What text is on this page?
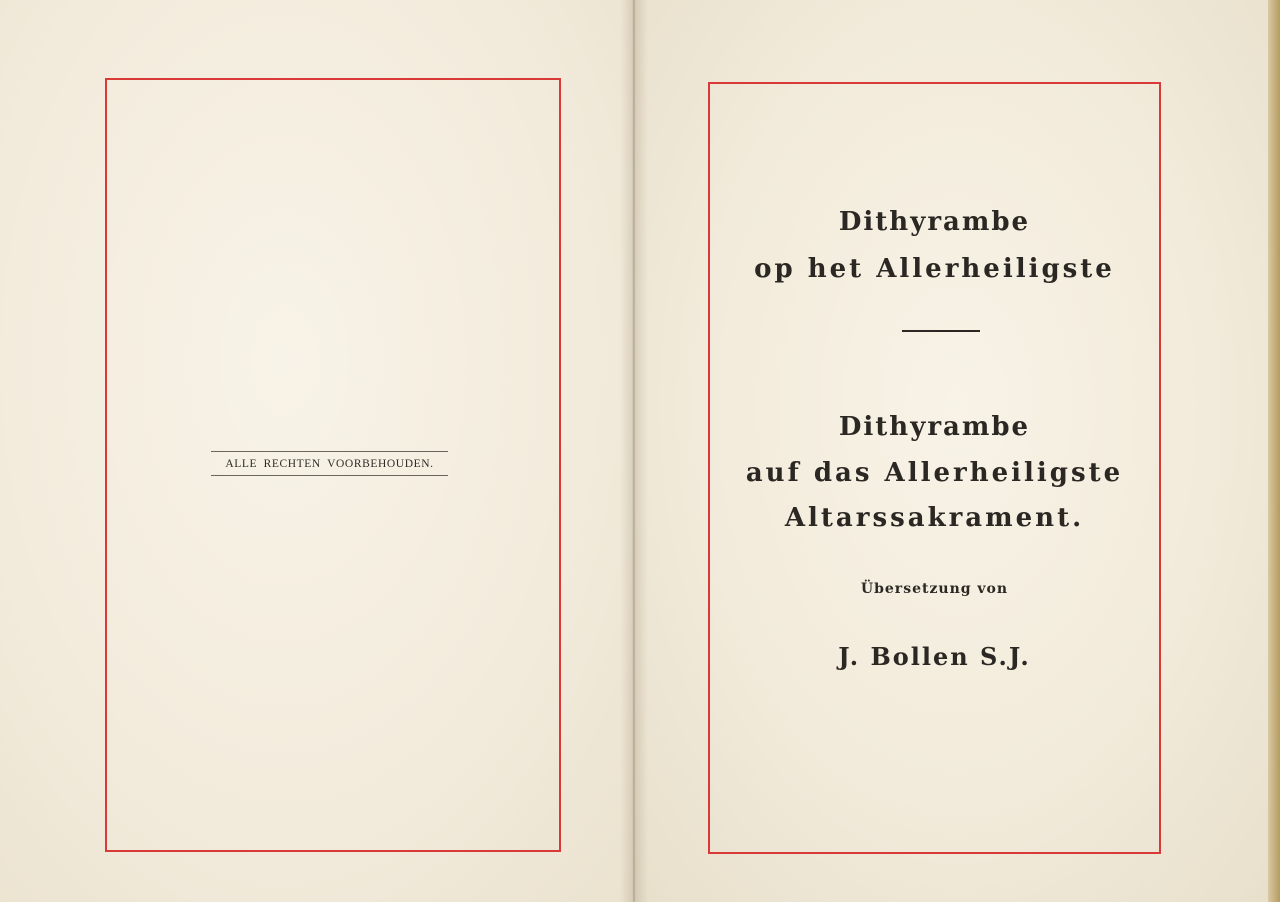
ALLE RECHTEN VOORBEHOUDEN.
Dithyrambe
op het Allerheiligste
Dithyrambe
auf das Allerheiligste
Altarssakrament.
Übersetzung von
J. Bollen S.J.
